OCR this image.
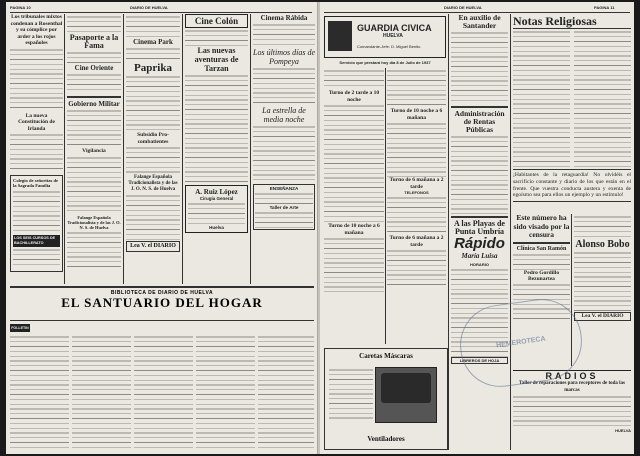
PAGINA 10	DIARIO DE HUELVA
Los tribunales mixtos condenan a Rosenthal y su cómplice por arder a los rojos españoles
La nueva Constitución de Irlanda
Colegio de señoritas de la Sagrada Familia
LOS SEIS CURSOS DE BACHILLERATO
Pasaporte a la Fama
Cine Oriente
Gobierno Militar
Vigilancia
Falange Española Tradicionalista y de las J. O. N. S. de Huelva
Cinema Park
Paprika
Subsidio Pro-combatientes
Falange Española Tradicionalista y de las J. O. N. S. de Huelva
Lea V. el DIARIO
Cine Colón
Las nuevas aventuras de Tarzan
A. Ruiz López
Cirugía General
Huelva
Cinema Rábida
Los últimos días de Pompeya
La estrella de media noche
ENSEÑANZA
Taller de Arte
BIBLIOTECA DE DIARIO DE HUELVA
EL SANTUARIO DEL HOGAR
FOLLETIN
DIARIO DE HUELVA	PAGINA 11
GUARDIA CIVICA
HUELVA
Comandante-Jefe: D. Miguel Benito
Servicio que prestará hoy día 8 de Julio de 1937
Turno de 2 tarde a 10 noche
Turno de 10 noche a 6 mañana
Turno de 10 noche a 6 mañana
Turno de 6 mañana a 2 tarde
TELEFONOS
Turno de 6 mañana a 2 tarde
Caretas Máscaras
Ventiladores
En auxilio de Santander
Administración de Rentas Públicas
A las Playas de Punta Umbría
Rápido
María Luisa
HORARIO
LIBREROS DE HOJA
Notas Religiosas
¡Habitantes de la retaguardia! No olvidéis el sacrificio constante y diario de los que están en el frente. Que vuestra conducta austera y exenta de egoísmo sea para ellos un ejemplo y un estímulo!
Este número ha sido visado por la censura
Clínica San Ramón
Pedro Gordillo Bezunartea
Alonso Bobo
Lea V. el DIARIO
RADIOS
Taller de reparaciones para receptores de toda las marcas
HUELVA
HEMEROTECA
